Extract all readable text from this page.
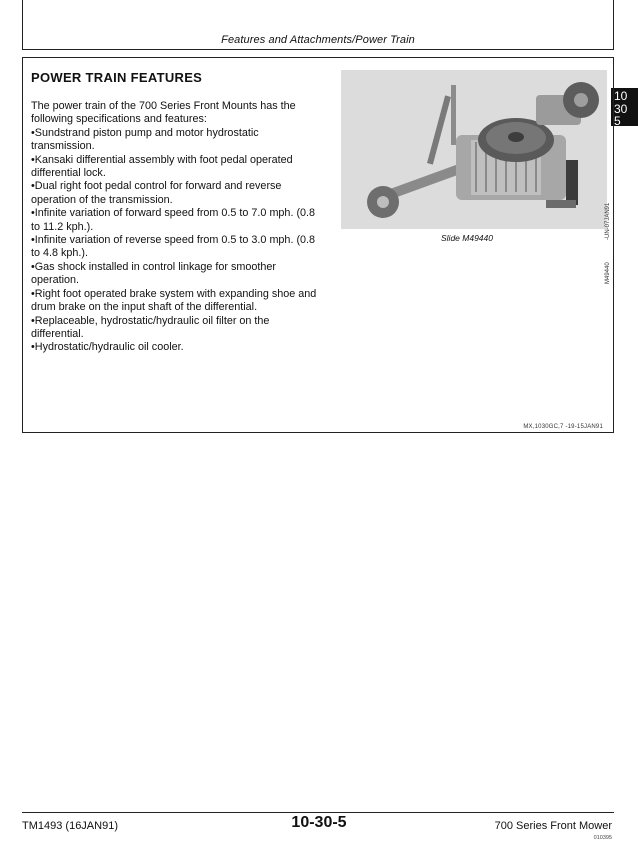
Features and Attachments/Power Train
10
30
5
POWER TRAIN FEATURES

The power train of the 700 Series Front Mounts has the following specifications and features:

•Sundstrand piston pump and motor hydrostatic transmission.
•Kansaki differential assembly with foot pedal operated differential lock.
•Dual right foot pedal control for forward and reverse operation of the transmission.
•Infinite variation of forward speed from 0.5 to 7.0 mph. (0.8 to 11.2 kph.).
•Infinite variation of reverse speed from 0.5 to 3.0 mph. (0.8 to 4.8 kph.).
•Gas shock installed in control linkage for smoother operation.
•Right foot operated brake system with expanding shoe and drum brake on the input shaft of the differential.
•Replaceable, hydrostatic/hydraulic oil filter on the differential.
•Hydrostatic/hydraulic oil cooler.
Slide M49440
M49440
-UN-07JAN91
MX,1030GC,7 -19-15JAN91
TM1493 (16JAN91)	10-30-5	700 Series Front Mower
010395
